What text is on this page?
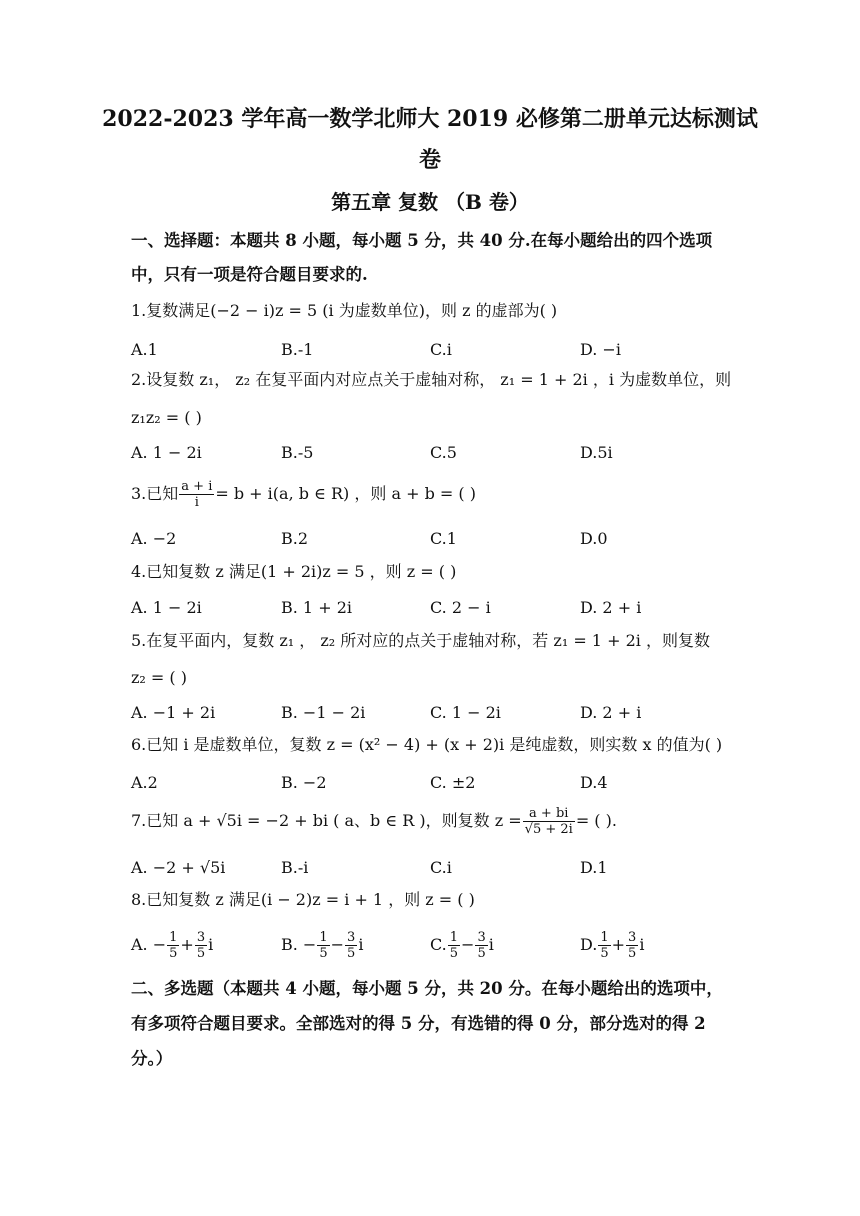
2022-2023 学年高一数学北师大 2019 必修第二册单元达标测试
卷
第五章 复数 （B 卷）
一、选择题：本题共 8 小题，每小题 5 分，共 40 分.在每小题给出的四个选项
中，只有一项是符合题目要求的.
1.复数满足(−2 − i)z = 5 (i 为虚数单位)，则 z 的虚部为( )
A.1	B.-1	C.i	D. −i
2.设复数 z₁， z₂ 在复平面内对应点关于虚轴对称， z₁ = 1 + 2i ，i 为虚数单位，则
z₁z₂ = ( )
A. 1 − 2i	B.-5	C.5	D.5i
3.已知 $\frac{a + i}{i} = b + i(a$, b ∈ R) ，则 a + b = ( )
A. −2	B.2	C.1	D.0
4.已知复数 z 满足(1 + 2i)z = 5 ，则 z = ( )
A. 1 − 2i	B. 1 + 2i	C. 2 − i	D. 2 + i
5.在复平面内，复数 z₁ ， z₂ 所对应的点关于虚轴对称，若 z₁ = 1 + 2i ，则复数
z₂ = ( )
A. −1 + 2i	B. −1 − 2i	C. 1 − 2i	D. 2 + i
6.已知 i 是虚数单位，复数 z = (x² − 4) + (x + 2)i 是纯虚数，则实数 x 的值为( )
A.2	B. −2	C. ±2	D.4
7.已知 a + √5i = −2 + bi ( a、b ∈ R )，则复数 $z = \frac{a + bi}{√5 + 2i}$ = ( ).
A. −2 + √5i	B.-i	C.i	D.1
8.已知复数 z 满足(i − 2)z = i + 1 ，则 z = ( )
A. − $\frac{1}{5} + \frac{3}{5}$ i	B. − $\frac{1}{5} - \frac{3}{5}$ i	C. $\frac{1}{5} - \frac{3}{5}$ i	D. $\frac{1}{5} + \frac{3}{5}$ i
二、多选题（本题共 4 小题，每小题 5 分，共 20 分。在每小题给出的选项中，
有多项符合题目要求。全部选对的得 5 分，有选错的得 0 分，部分选对的得 2
分。）
